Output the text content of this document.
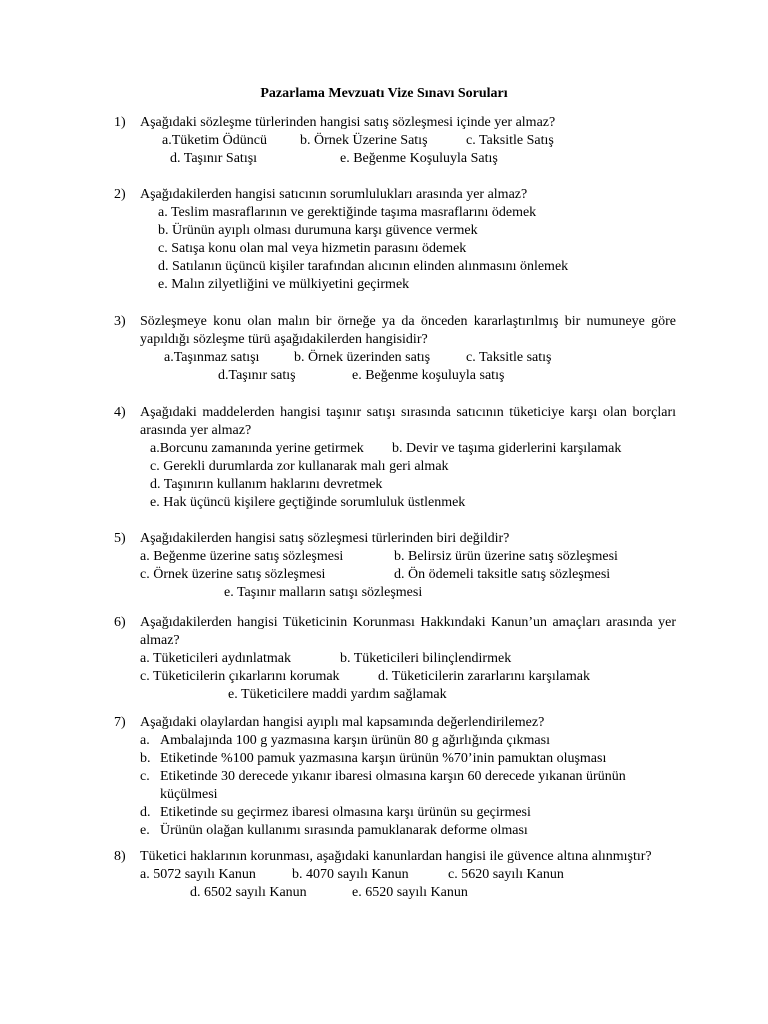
Pazarlama Mevzuatı Vize Sınavı Soruları
1)	Aşağıdaki sözleşme türlerinden hangisi satış sözleşmesi içinde yer almaz?
a.Tüketim Ödüncü b. Örnek Üzerine Satış	c. Taksitle Satış
d. Taşınır Satışı	e. Beğenme Koşuluyla Satış
2)	Aşağıdakilerden hangisi satıcının sorumlulukları arasında yer almaz?
a. Teslim masraflarının ve gerektiğinde taşıma masraflarını ödemek
b. Ürünün ayıplı olması durumuna karşı güvence vermek
c. Satışa konu olan mal veya hizmetin parasını ödemek
d. Satılanın üçüncü kişiler tarafından alıcının elinden alınmasını önlemek
e. Malın zilyetliğini ve mülkiyetini geçirmek
3)	Sözleşmeye konu olan malın bir örneğe ya da önceden kararlaştırılmış bir numuneye göre yapıldığı sözleşme türü aşağıdakilerden hangisidir?
a.Taşınmaz satışı b. Örnek üzerinden satış	c. Taksitle satış
d.Taşınır satış	e. Beğenme koşuluyla satış
4)	Aşağıdaki maddelerden hangisi taşınır satışı sırasında satıcının tüketiciye karşı olan borçları arasında yer almaz?
a.Borcunu zamanında yerine getirmek b. Devir ve taşıma giderlerini karşılamak
c. Gerekli durumlarda zor kullanarak malı geri almak
d. Taşınırın kullanım haklarını devretmek
e. Hak üçüncü kişilere geçtiğinde sorumluluk üstlenmek
5)	Aşağıdakilerden hangisi satış sözleşmesi türlerinden biri değildir?
a. Beğenme üzerine satış sözleşmesi	b. Belirsiz ürün üzerine satış sözleşmesi
c. Örnek üzerine satış sözleşmesi	d. Ön ödemeli taksitle satış sözleşmesi
e. Taşınır malların satışı sözleşmesi
6)	Aşağıdakilerden hangisi Tüketicinin Korunması Hakkındaki Kanun’un amaçları arasında yer almaz?
a. Tüketicileri aydınlatmak	b. Tüketicileri bilinçlendirmek
c. Tüketicilerin çıkarlarını korumak	d. Tüketicilerin zararlarını karşılamak
e. Tüketicilere maddi yardım sağlamak
7)	Aşağıdaki olaylardan hangisi ayıplı mal kapsamında değerlendirilemez?
a. Ambalajında 100 g yazmasına karşın ürünün 80 g ağırlığında çıkması
b. Etiketinde %100 pamuk yazmasına karşın ürünün %70’inin pamuktan oluşması
c. Etiketinde 30 derecede yıkanır ibaresi olmasına karşın 60 derecede yıkanan ürünün küçülmesi
d. Etiketinde su geçirmez ibaresi olmasına karşı ürünün su geçirmesi
e. Ürünün olağan kullanımı sırasında pamuklanarak deforme olması
8)	Tüketici haklarının korunması, aşağıdaki kanunlardan hangisi ile güvence altına alınmıştır?
a. 5072 sayılı Kanun	b. 4070 sayılı Kanun	c. 5620 sayılı Kanun
d. 6502 sayılı Kanun	e. 6520 sayılı Kanun
